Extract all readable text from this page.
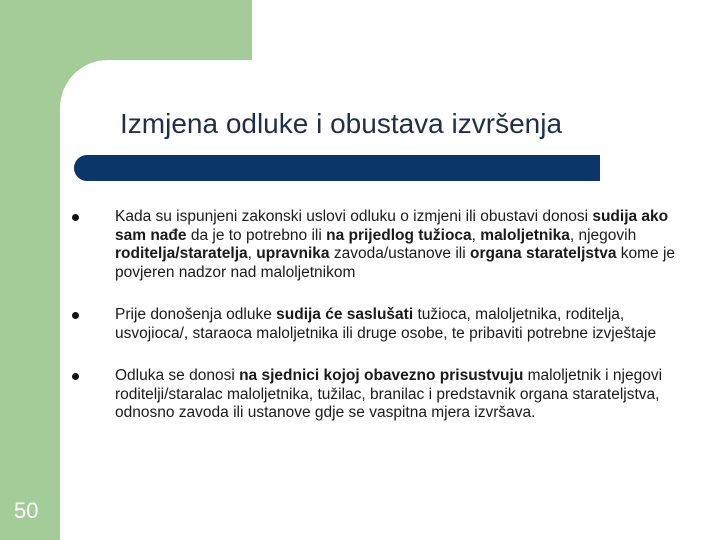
Izmjena odluke i obustava izvršenja
Kada su ispunjeni zakonski uslovi odluku o izmjeni ili obustavi donosi sudija ako sam nađe da je to potrebno ili na prijedlog tužioca, maloljetnika, njegovih roditelja/staratelja, upravnika zavoda/ustanove ili organa starateljstva kome je povjeren nadzor nad maloljetnikom
Prije donošenja odluke sudija će saslušati tužioca, maloljetnika, roditelja, usvojioca/, staraoca maloljetnika ili druge osobe, te pribaviti potrebne izvještaje
Odluka se donosi na sjednici kojoj obavezno prisustvuju maloljetnik i njegovi roditelji/staralac maloljetnika, tužilac, branilac i predstavnik organa starateljstva, odnosno zavoda ili ustanove gdje se vaspitna mjera izvršava.
50
